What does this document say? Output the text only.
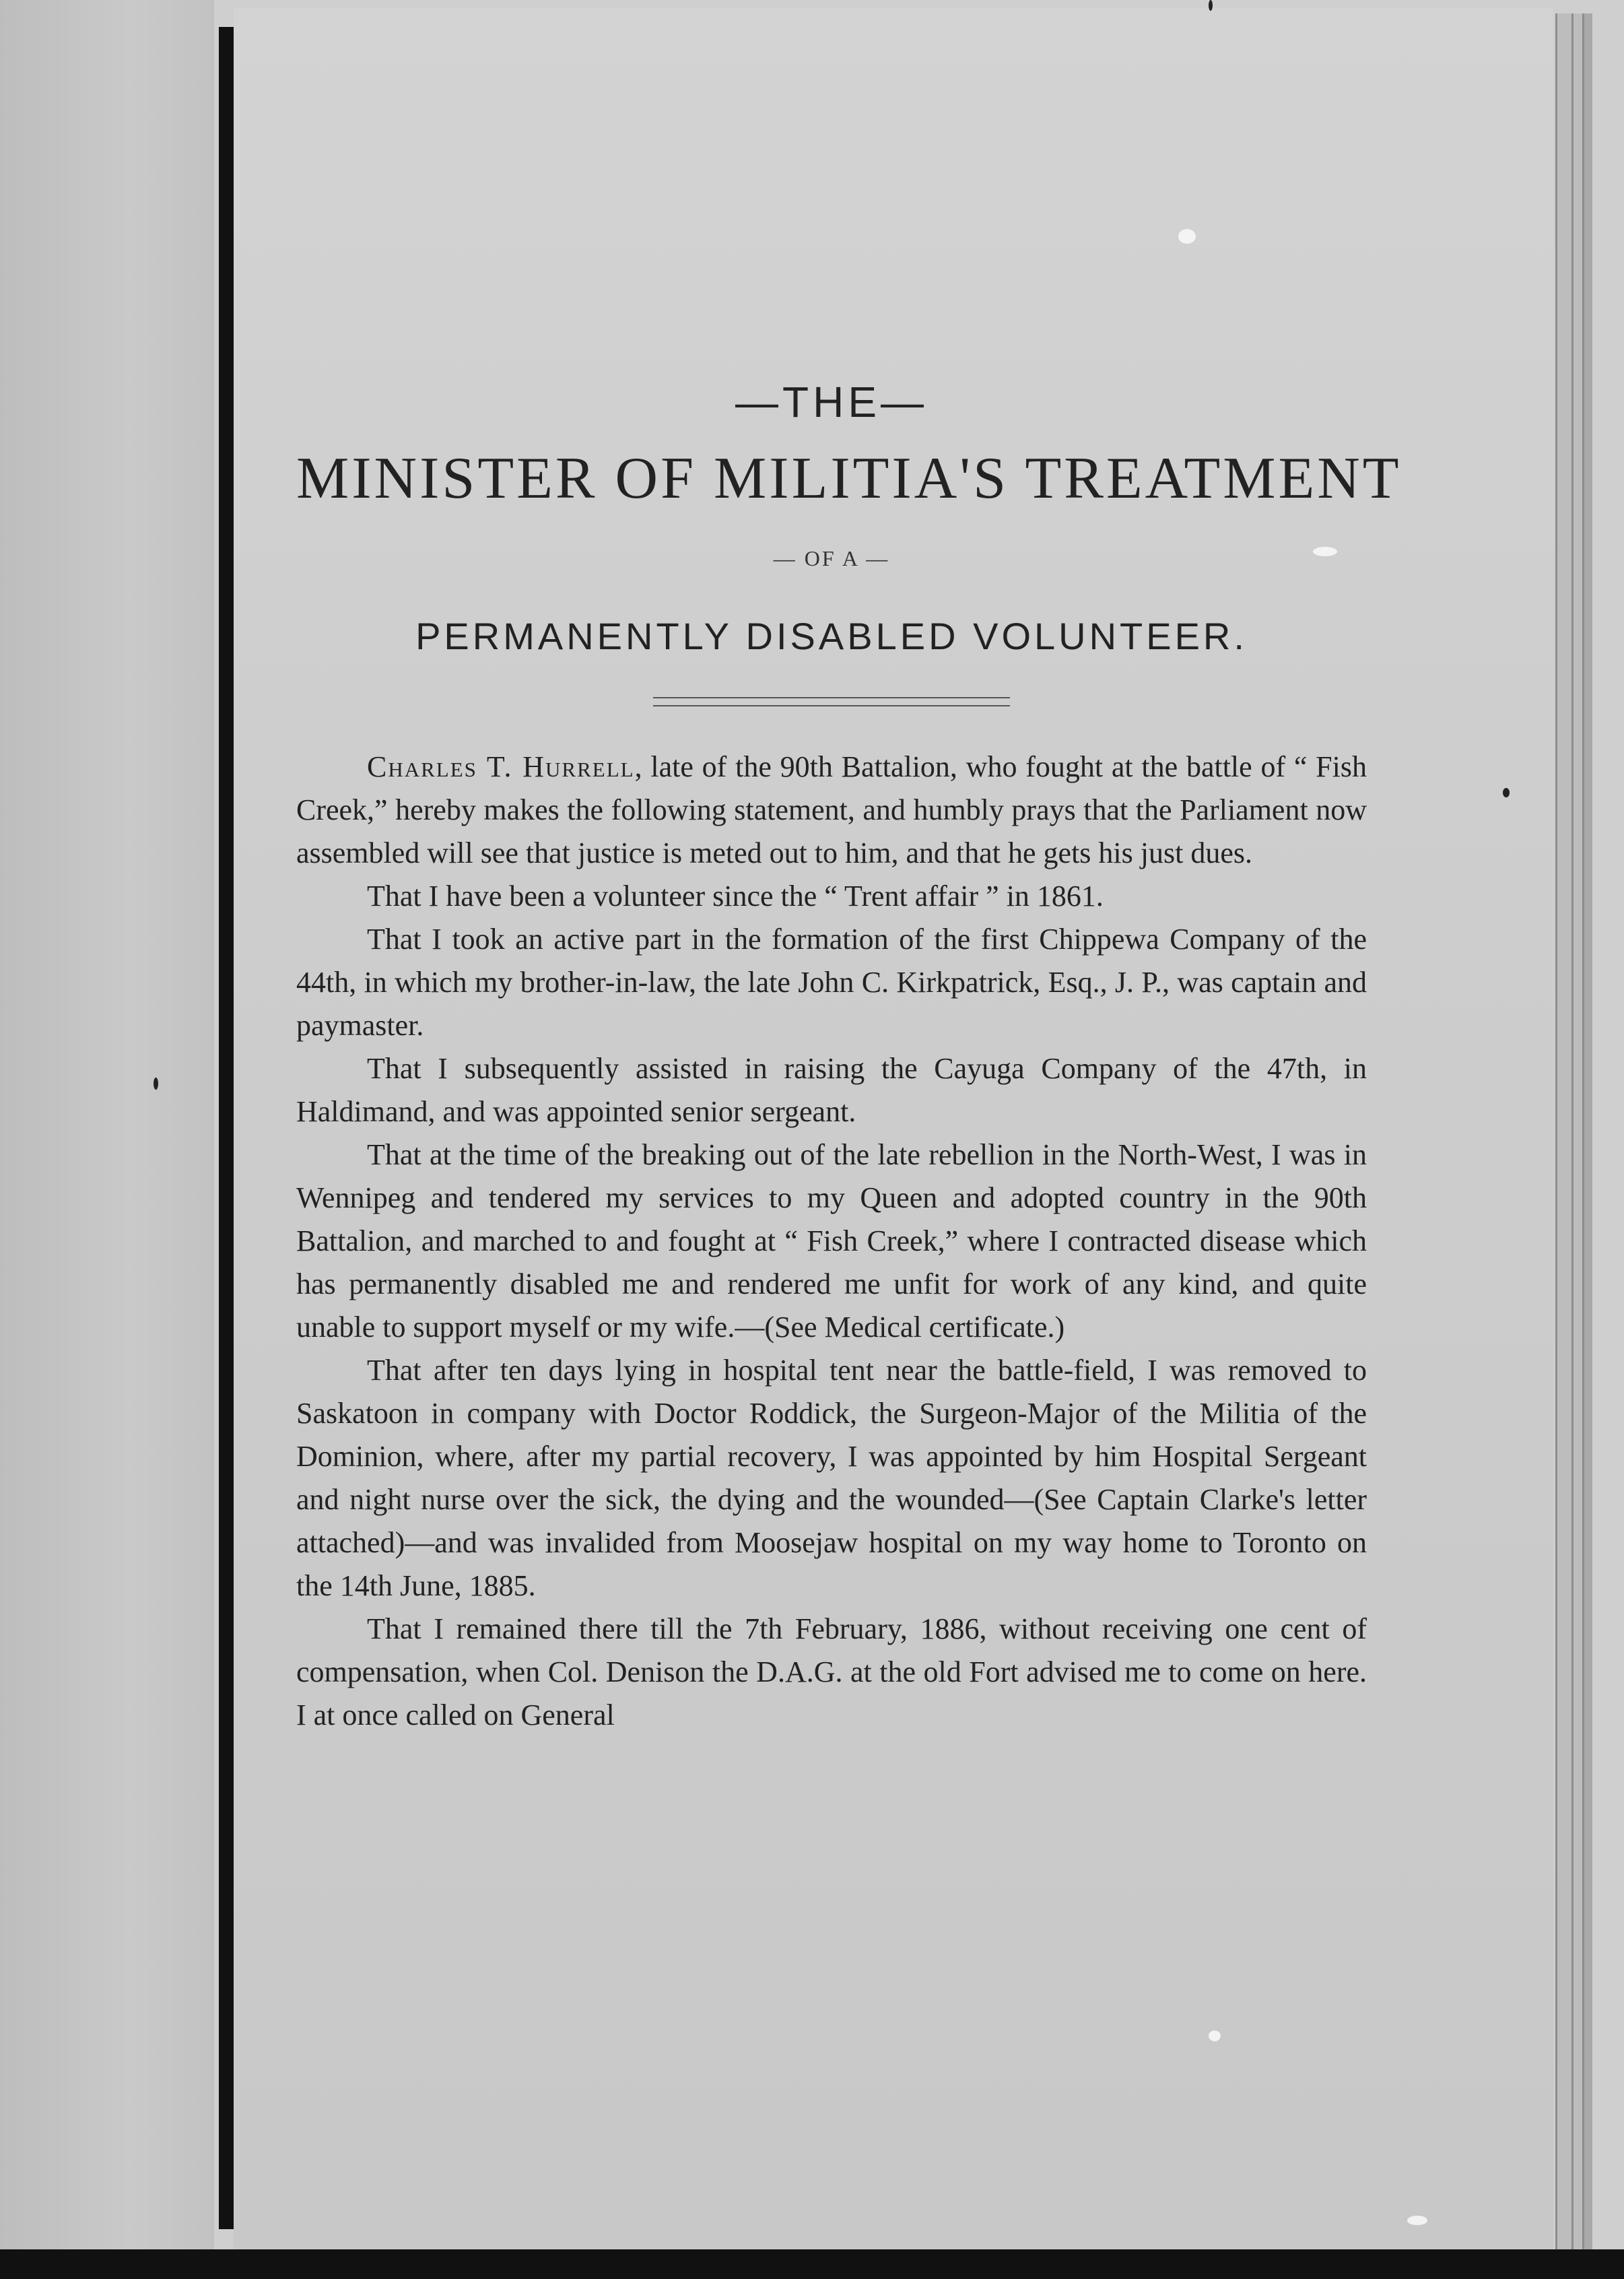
—THE—
MINISTER OF MILITIA'S TREATMENT
— OF A —
PERMANENTLY DISABLED VOLUNTEER.

Charles T. Hurrell, late of the 90th Battalion, who fought at the battle of “ Fish Creek,” hereby makes the following statement, and humbly prays that the Parliament now assembled will see that justice is meted out to him, and that he gets his just dues.

That I have been a volunteer since the “ Trent affair ” in 1861.

That I took an active part in the formation of the first Chippewa Company of the 44th, in which my brother-in-law, the late John C. Kirkpatrick, Esq., J. P., was captain and paymaster.

That I subsequently assisted in raising the Cayuga Company of the 47th, in Haldimand, and was appointed senior sergeant.

That at the time of the breaking out of the late rebellion in the North-West, I was in Wennipeg and tendered my services to my Queen and adopted country in the 90th Battalion, and marched to and fought at “ Fish Creek,” where I contracted disease which has permanently disabled me and rendered me unfit for work of any kind, and quite unable to support myself or my wife.—(See Medical certificate.)

That after ten days lying in hospital tent near the battle-field, I was removed to Saskatoon in company with Doctor Roddick, the Surgeon-Major of the Militia of the Dominion, where, after my partial recovery, I was appointed by him Hospital Sergeant and night nurse over the sick, the dying and the wounded—(See Captain Clarke's letter attached)—and was invalided from Moosejaw hospital on my way home to Toronto on the 14th June, 1885.

That I remained there till the 7th February, 1886, without receiving one cent of compensation, when Col. Denison the D.A.G. at the old Fort advised me to come on here. I at once called on General
